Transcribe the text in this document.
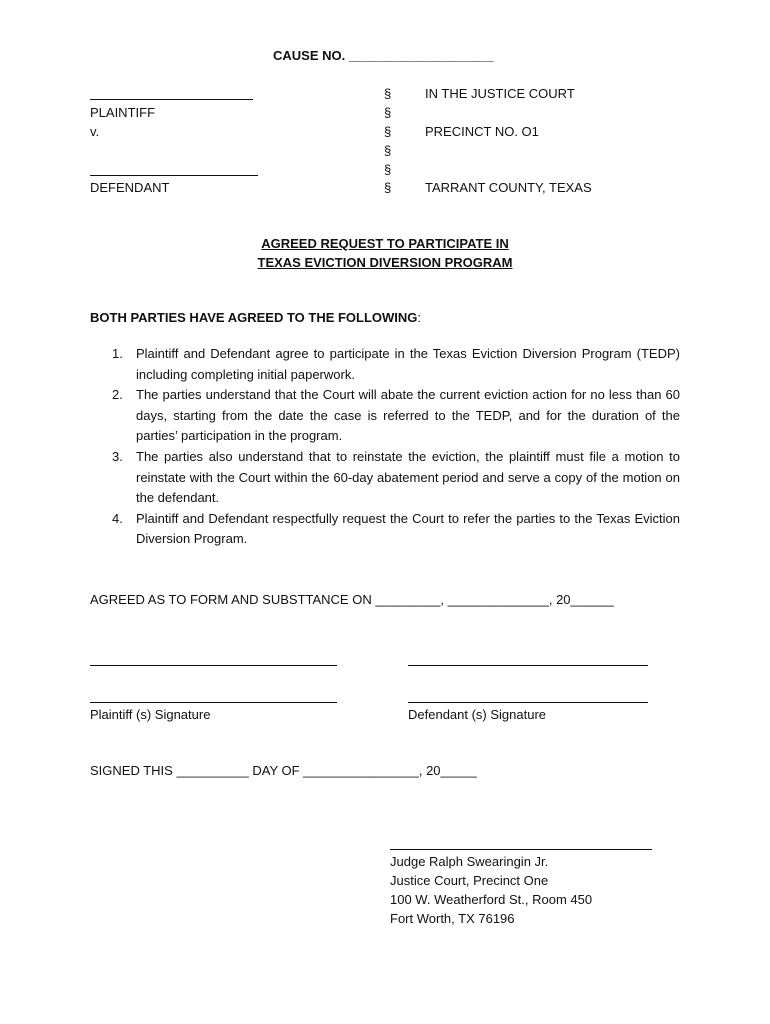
CAUSE NO. ____________________
PLAINTIFF
v.
DEFENDANT
§
§
§
§
§
§
IN THE JUSTICE COURT
PRECINCT NO. O1
TARRANT COUNTY, TEXAS
AGREED REQUEST TO PARTICIPATE IN
TEXAS EVICTION DIVERSION PROGRAM
BOTH PARTIES HAVE AGREED TO THE FOLLOWING:
1. Plaintiff and Defendant agree to participate in the Texas Eviction Diversion Program (TEDP) including completing initial paperwork.
2. The parties understand that the Court will abate the current eviction action for no less than 60 days, starting from the date the case is referred to the TEDP, and for the duration of the parties’ participation in the program.
3. The parties also understand that to reinstate the eviction, the plaintiff must file a motion to reinstate with the Court within the 60-day abatement period and serve a copy of the motion on the defendant.
4. Plaintiff and Defendant respectfully request the Court to refer the parties to the Texas Eviction Diversion Program.
AGREED AS TO FORM AND SUBSTTANCE ON _________, ______________, 20______
Plaintiff (s) Signature	Defendant (s) Signature
SIGNED THIS __________ DAY OF ________________, 20_____
Judge Ralph Swearingin Jr.
Justice Court, Precinct One
100 W. Weatherford St., Room 450
Fort Worth, TX 76196
